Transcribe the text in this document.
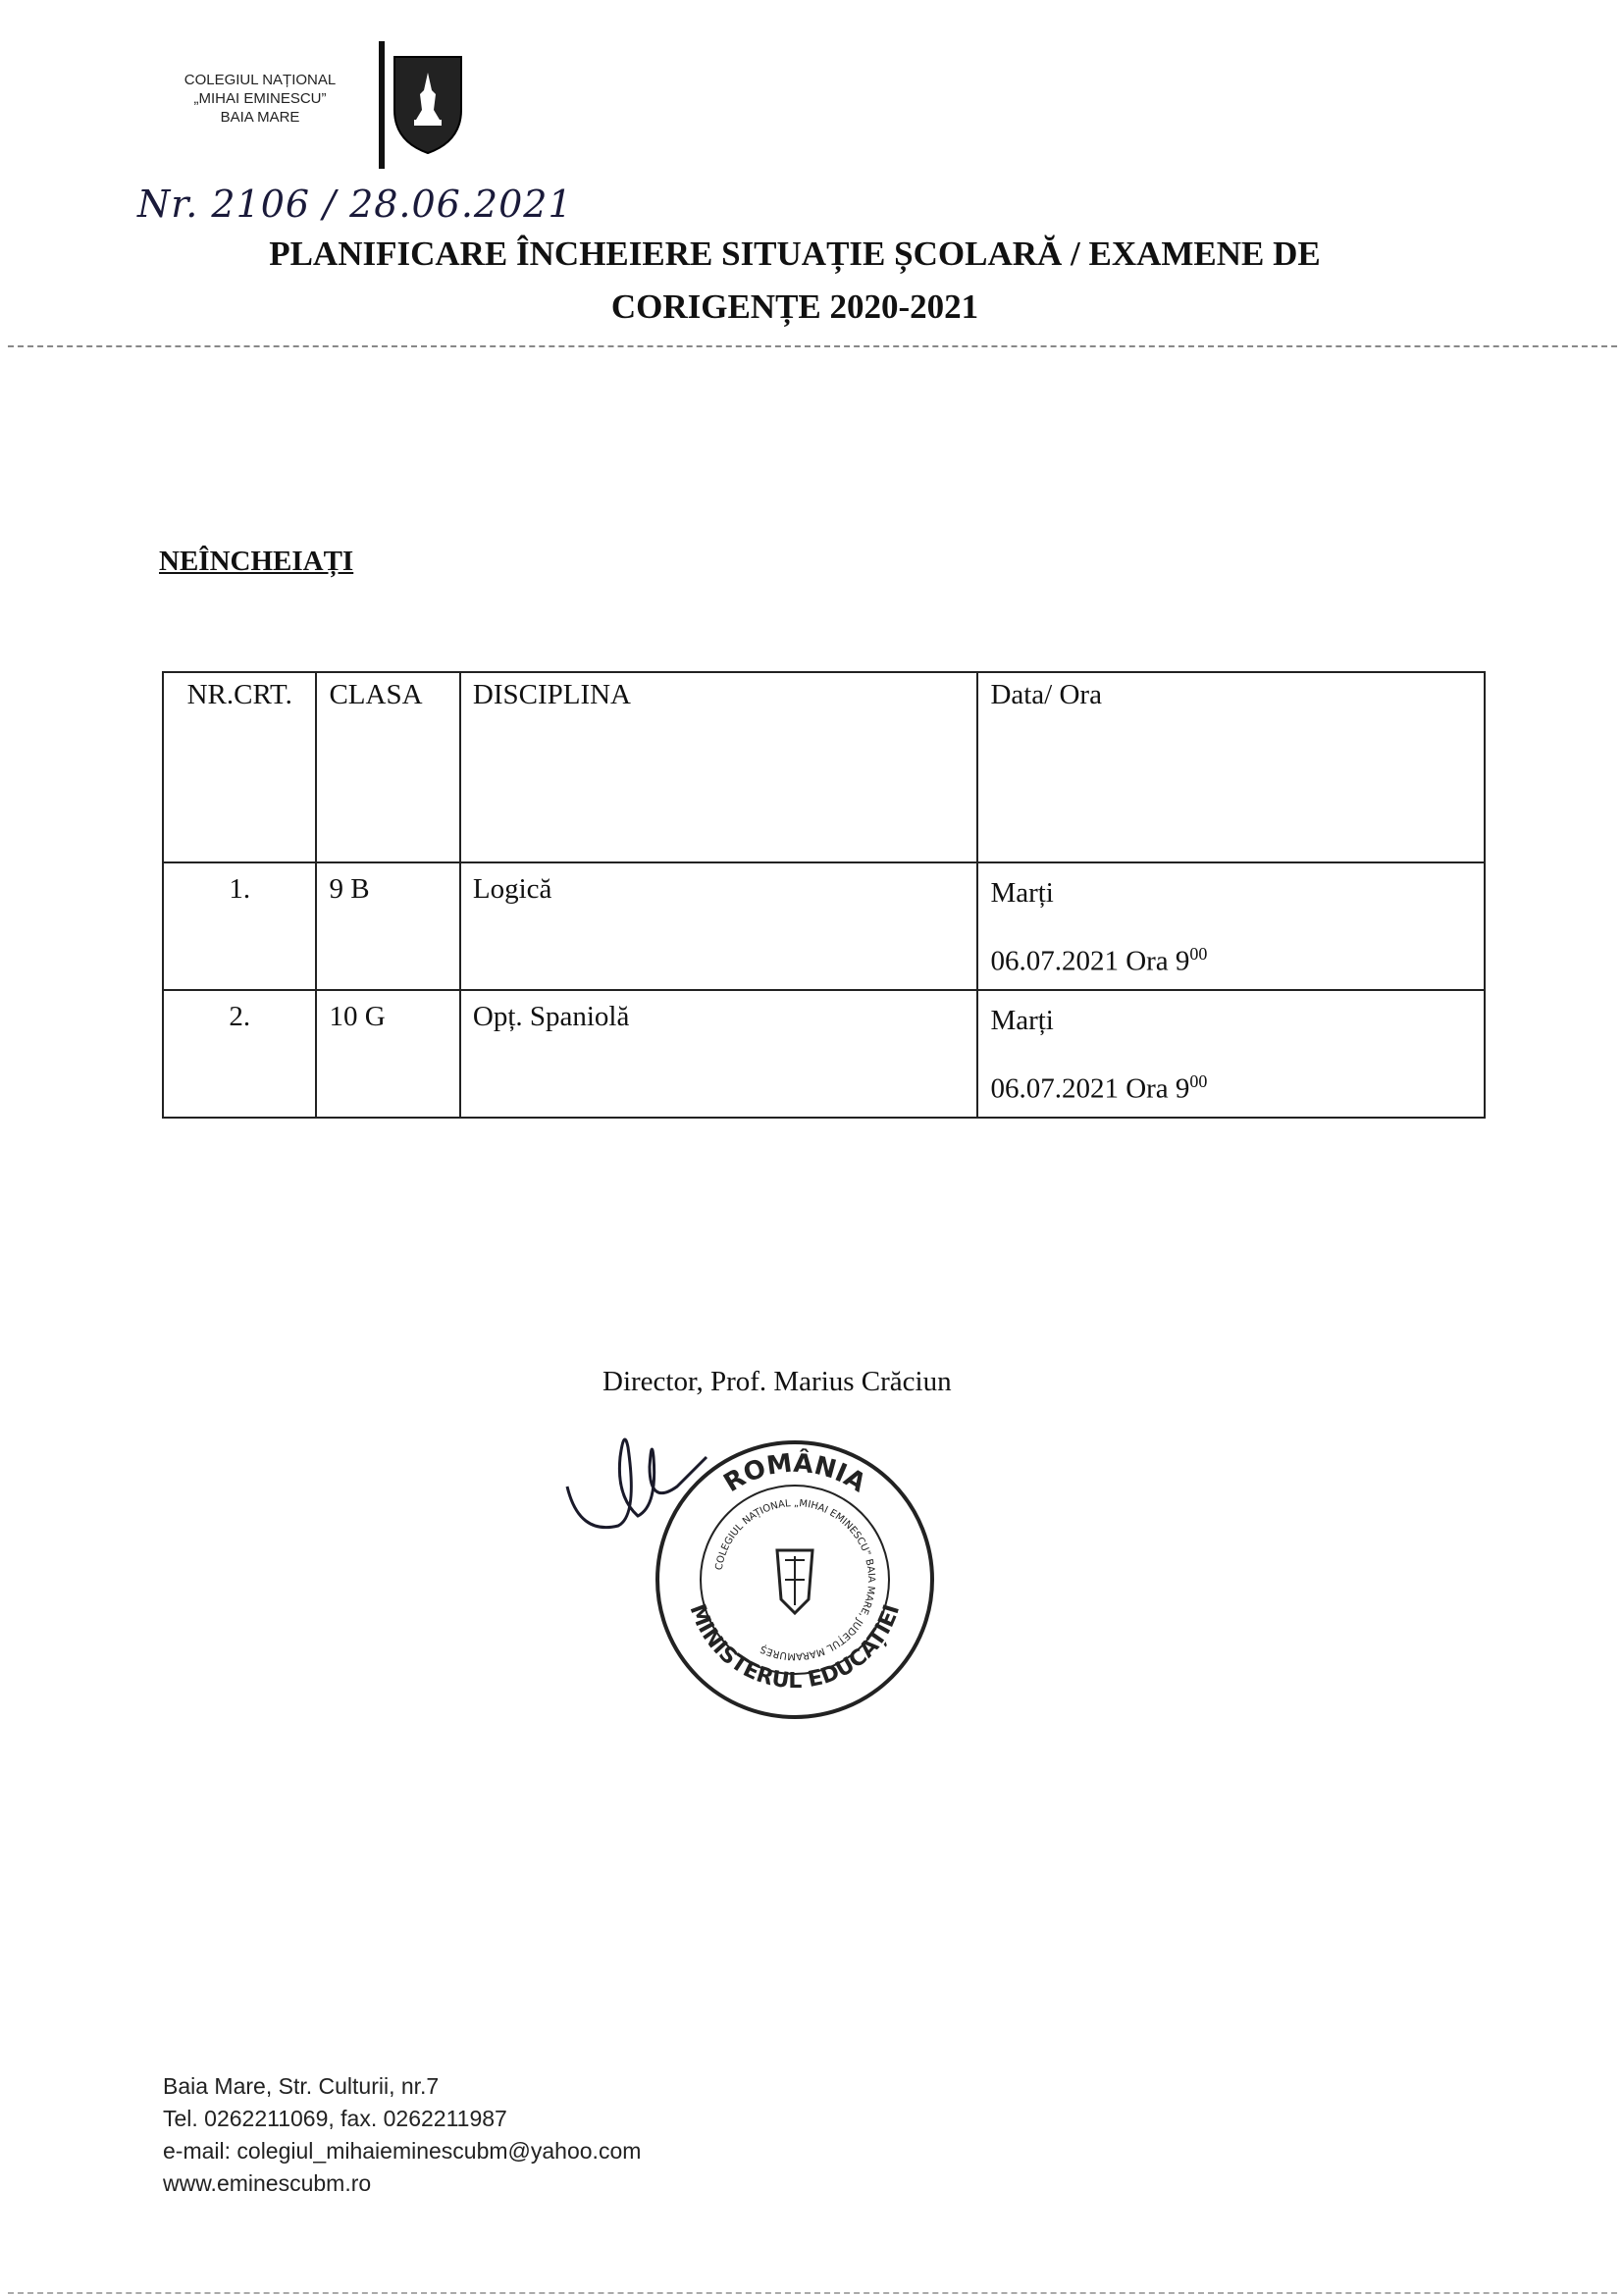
COLEGIUL NAȚIONAL
„MIHAI EMINESCU”
BAIA MARE
Nr. 2106 / 28.06.2021
PLANIFICARE ÎNCHEIERE SITUAȚIE ȘCOLARĂ / EXAMENE DE
CORIGENȚE 2020-2021
NEÎNCHEIAȚI
NR.CRT.	CLASA	DISCIPLINA	Data/ Ora
1.	9 B	Logică	Marți
06.07.2021 Ora $9^{00}$

2.	10 G	Opț. Spaniolă	Marți
06.07.2021 Ora $9^{00}$
Director, Prof. Marius Crăciun
ROMÂNIA
MINISTERUL EDUCAȚIEI
COLEGIUL NAȚIONAL „MIHAI EMINESCU” BAIA MARE, JUDEȚUL MARAMUREȘ
Baia Mare, Str. Culturii, nr.7
Tel. 0262211069, fax. 0262211987
e-mail: colegiul_mihaieminescubm@yahoo.com
www.eminescubm.ro
